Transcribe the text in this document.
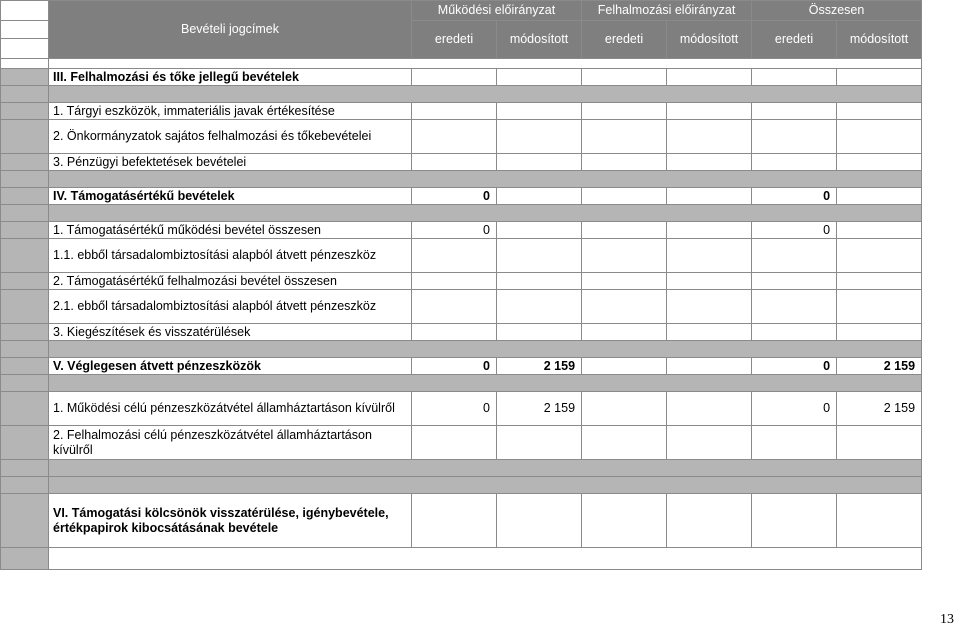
	Bevételi jogcímek	Működési előirányzat		Felhalmozási előirányzat		Összesen	
		eredeti	módosított	eredeti	módosított	eredeti	módosított

	III. Felhalmozási és tőke jellegű bevételek						

	1. Tárgyi eszközök, immateriális javak értékesítése						
	2. Önkormányzatok sajátos felhalmozási és tőkebevételei						
	3. Pénzügyi befektetések bevételei						

	IV. Támogatásértékű bevételek	0				0	

	1. Támogatásértékű működési bevétel összesen	0				0	
	1.1. ebből társadalombiztosítási alapból átvett pénzeszköz						
	2. Támogatásértékű felhalmozási bevétel összesen						
	2.1. ebből társadalombiztosítási alapból átvett pénzeszköz						
	3. Kiegészítések és visszatérülések						

	V. Véglegesen átvett pénzeszközök	0	2 159			0	2 159

	1. Működési célú pénzeszközátvétel államháztartáson kívülről	0	2 159			0	2 159
	2. Felhalmozási célú pénzeszközátvétel államháztartáson kívülről						

	VI. Támogatási kölcsönök visszatérülése, igénybevétele, értékpapirok kibocsátásának bevétele						

13
